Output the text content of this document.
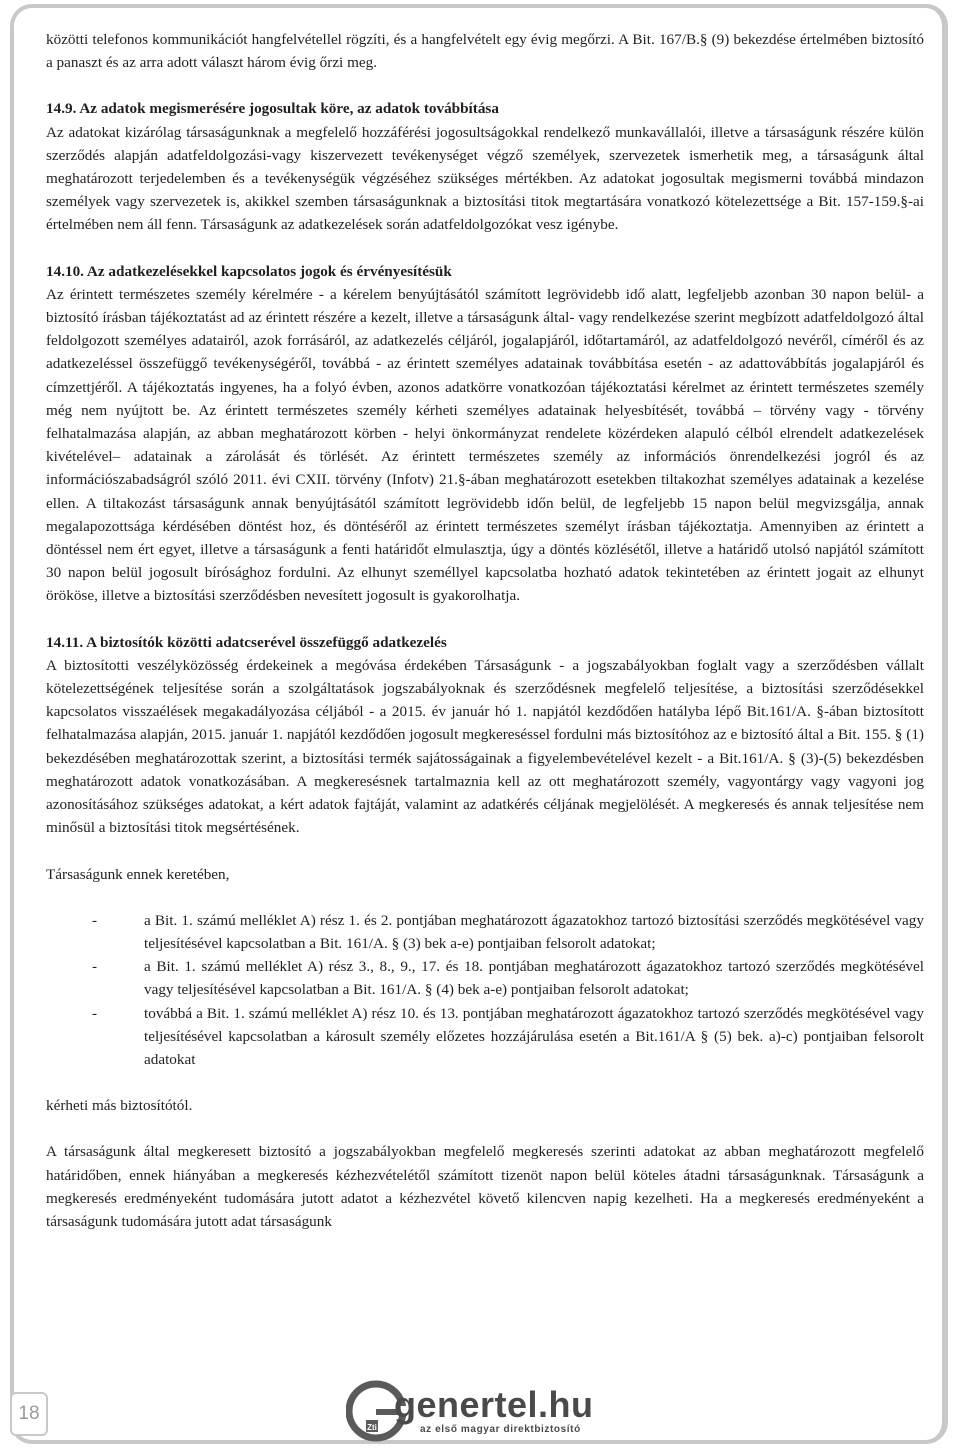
közötti telefonos kommunikációt hangfelvétellel rögzíti, és a hangfelvételt egy évig megőrzi. A Bit. 167/B.§ (9) bekezdése értelmében biztosító a panaszt és az arra adott választ három évig őrzi meg.

14.9. Az adatok megismerésére jogosultak köre, az adatok továbbítása

Az adatokat kizárólag társaságunknak a megfelelő hozzáférési jogosultságokkal rendelkező munkavállalói, illetve a társaságunk részére külön szerződés alapján adatfeldolgozási-vagy kiszervezett tevékenységet végző személyek, szervezetek ismerhetik meg, a társaságunk által meghatározott terjedelemben és a tevékenységük végzéséhez szükséges mértékben. Az adatokat jogosultak megismerni továbbá mindazon személyek vagy szervezetek is, akikkel szemben társaságunknak a biztosítási titok megtartására vonatkozó kötelezettsége a Bit. 157-159.§-ai értelmében nem áll fenn. Társaságunk az adatkezelések során adatfeldolgozókat vesz igénybe.

14.10. Az adatkezelésekkel kapcsolatos jogok és érvényesítésük

Az érintett természetes személy kérelmére - a kérelem benyújtásától számított legrövidebb idő alatt, legfeljebb azonban 30 napon belül- a biztosító írásban tájékoztatást ad az érintett részére a kezelt, illetve a társaságunk által- vagy rendelkezése szerint megbízott adatfeldolgozó által feldolgozott személyes adatairól, azok forrásáról, az adatkezelés céljáról, jogalapjáról, időtartamáról, az adatfeldolgozó nevéről, címéről és az adatkezeléssel összefüggő tevékenységéről, továbbá - az érintett személyes adatainak továbbítása esetén - az adattovábbítás jogalapjáról és címzettjéről. A tájékoztatás ingyenes, ha a folyó évben, azonos adatkörre vonatkozóan tájékoztatási kérelmet az érintett természetes személy még nem nyújtott be. Az érintett természetes személy kérheti személyes adatainak helyesbítését, továbbá – törvény vagy - törvény felhatalmazása alapján, az abban meghatározott körben - helyi önkormányzat rendelete közérdeken alapuló célból elrendelt adatkezelések kivételével– adatainak a zárolását és törlését. Az érintett természetes személy az információs önrendelkezési jogról és az információszabadságról szóló 2011. évi CXII. törvény (Infotv) 21.§-ában meghatározott esetekben tiltakozhat személyes adatainak a kezelése ellen. A tiltakozást társaságunk annak benyújtásától számított legrövidebb időn belül, de legfeljebb 15 napon belül megvizsgálja, annak megalapozottsága kérdésében döntést hoz, és döntéséről az érintett természetes személyt írásban tájékoztatja. Amennyiben az érintett a döntéssel nem ért egyet, illetve a társaságunk a fenti határidőt elmulasztja, úgy a döntés közlésétől, illetve a határidő utolsó napjától számított 30 napon belül jogosult bírósághoz fordulni. Az elhunyt személlyel kapcsolatba hozható adatok tekintetében az érintett jogait az elhunyt örököse, illetve a biztosítási szerződésben nevesített jogosult is gyakorolhatja.

14.11. A biztosítók közötti adatcserével összefüggő adatkezelés

A biztosítotti veszélyközösség érdekeinek a megóvása érdekében Társaságunk - a jogszabályokban foglalt vagy a szerződésben vállalt kötelezettségének teljesítése során a szolgáltatások jogszabályoknak és szerződésnek megfelelő teljesítése, a biztosítási szerződésekkel kapcsolatos visszaélések megakadályozása céljából - a 2015. év január hó 1. napjától kezdődően hatályba lépő Bit.161/A. §-ában biztosított felhatalmazása alapján, 2015. január 1. napjától kezdődően jogosult megkereséssel fordulni más biztosítóhoz az e biztosító által a Bit. 155. § (1) bekezdésében meghatározottak szerint, a biztosítási termék sajátosságainak a figyelembevételével kezelt - a Bit.161/A. § (3)-(5) bekezdésben meghatározott adatok vonatkozásában. A megkeresésnek tartalmaznia kell az ott meghatározott személy, vagyontárgy vagy vagyoni jog azonosításához szükséges adatokat, a kért adatok fajtáját, valamint az adatkérés céljának megjelölését. A megkeresés és annak teljesítése nem minősül a biztosítási titok megsértésének.

Társaságunk ennek keretében,

-	a Bit. 1. számú melléklet A) rész 1. és 2. pontjában meghatározott ágazatokhoz tartozó biztosítási szerződés megkötésével vagy teljesítésével kapcsolatban a Bit. 161/A. § (3) bek a-e) pontjaiban felsorolt adatokat;
-	a Bit. 1. számú melléklet A) rész 3., 8., 9., 17. és 18. pontjában meghatározott ágazatokhoz tartozó szerződés megkötésével vagy teljesítésével kapcsolatban a Bit. 161/A. § (4) bek a-e) pontjaiban felsorolt adatokat;
-	továbbá a Bit. 1. számú melléklet A) rész 10. és 13. pontjában meghatározott ágazatokhoz tartozó szerződés megkötésével vagy teljesítésével kapcsolatban a károsult személy előzetes hozzájárulása esetén a Bit.161/A § (5) bek. a)-c) pontjaiban felsorolt adatokat

kérheti más biztosítótól.

A társaságunk által megkeresett biztosító a jogszabályokban megfelelő megkeresés szerinti adatokat az abban meghatározott megfelelő határidőben, ennek hiányában a megkeresés kézhezvételétől számított tizenöt napon belül köteles átadni társaságunknak. Társaságunk a megkeresés eredményeként tudomására jutott adatot a kézhezvétel követő kilencven napig kezelheti. Ha a megkeresés eredményeként a társaságunk tudomására jutott adat társaságunk

18
Zti
genertel.hu
az első magyar direktbiztosító
